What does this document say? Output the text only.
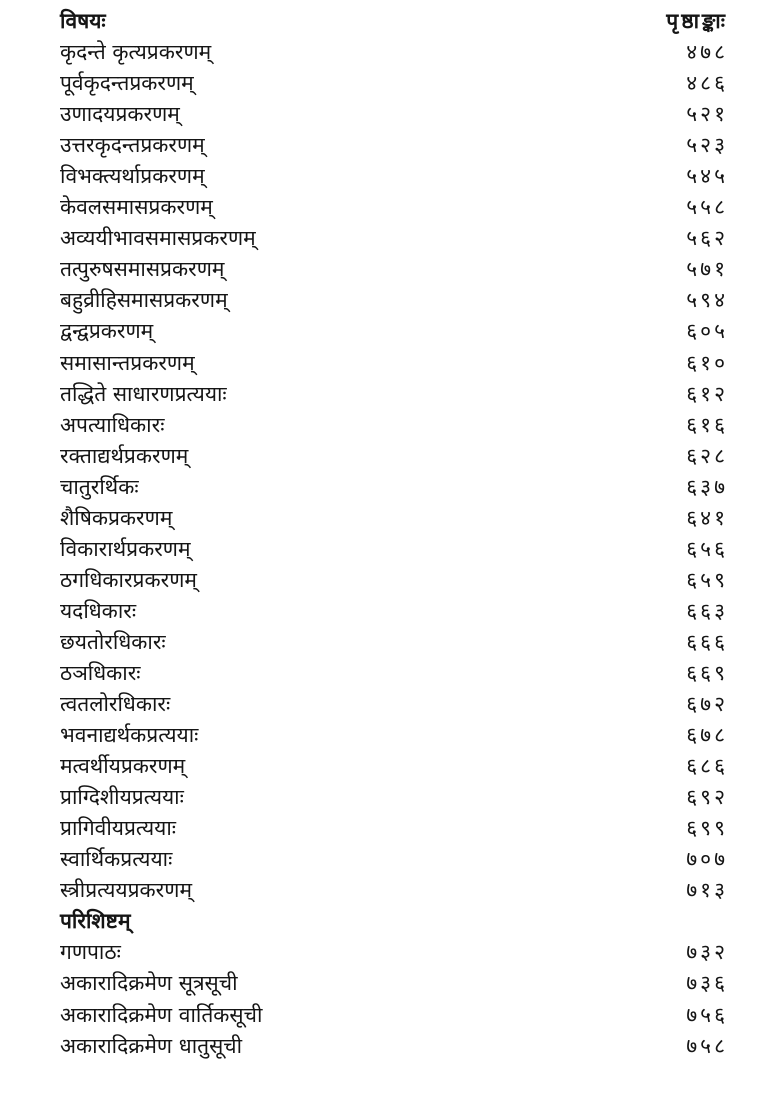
विषयः	पृष्ठाङ्काः
कृदन्ते कृत्यप्रकरणम्	४७८
पूर्वकृदन्तप्रकरणम्	४८६
उणादयप्रकरणम्	५२१
उत्तरकृदन्तप्रकरणम्	५२३
विभक्त्यर्थाप्रकरणम्	५४५
केवलसमासप्रकरणम्	५५८
अव्ययीभावसमासप्रकरणम्	५६२
तत्पुरुषसमासप्रकरणम्	५७१
बहुव्रीहिसमासप्रकरणम्	५९४
द्वन्द्वप्रकरणम्	६०५
समासान्तप्रकरणम्	६१०
तद्धिते साधारणप्रत्ययाः	६१२
अपत्याधिकारः	६१६
रक्ताद्यर्थप्रकरणम्	६२८
चातुरर्थिकः	६३७
शैषिकप्रकरणम्	६४१
विकारार्थप्रकरणम्	६५६
ठगधिकारप्रकरणम्	६५९
यदधिकारः	६६३
छयतोरधिकारः	६६६
ठञधिकारः	६६९
त्वतलोरधिकारः	६७२
भवनाद्यर्थकप्रत्ययाः	६७८
मत्वर्थीयप्रकरणम्	६८६
प्राग्दिशीयप्रत्ययाः	६९२
प्रागिवीयप्रत्ययाः	६९९
स्वार्थिकप्रत्ययाः	७०७
स्त्रीप्रत्ययप्रकरणम्	७१३
परिशिष्टम्
गणपाठः	७३२
अकारादिक्रमेण सूत्रसूची	७३६
अकारादिक्रमेण वार्तिकसूची	७५६
अकारादिक्रमेण धातुसूची	७५८
